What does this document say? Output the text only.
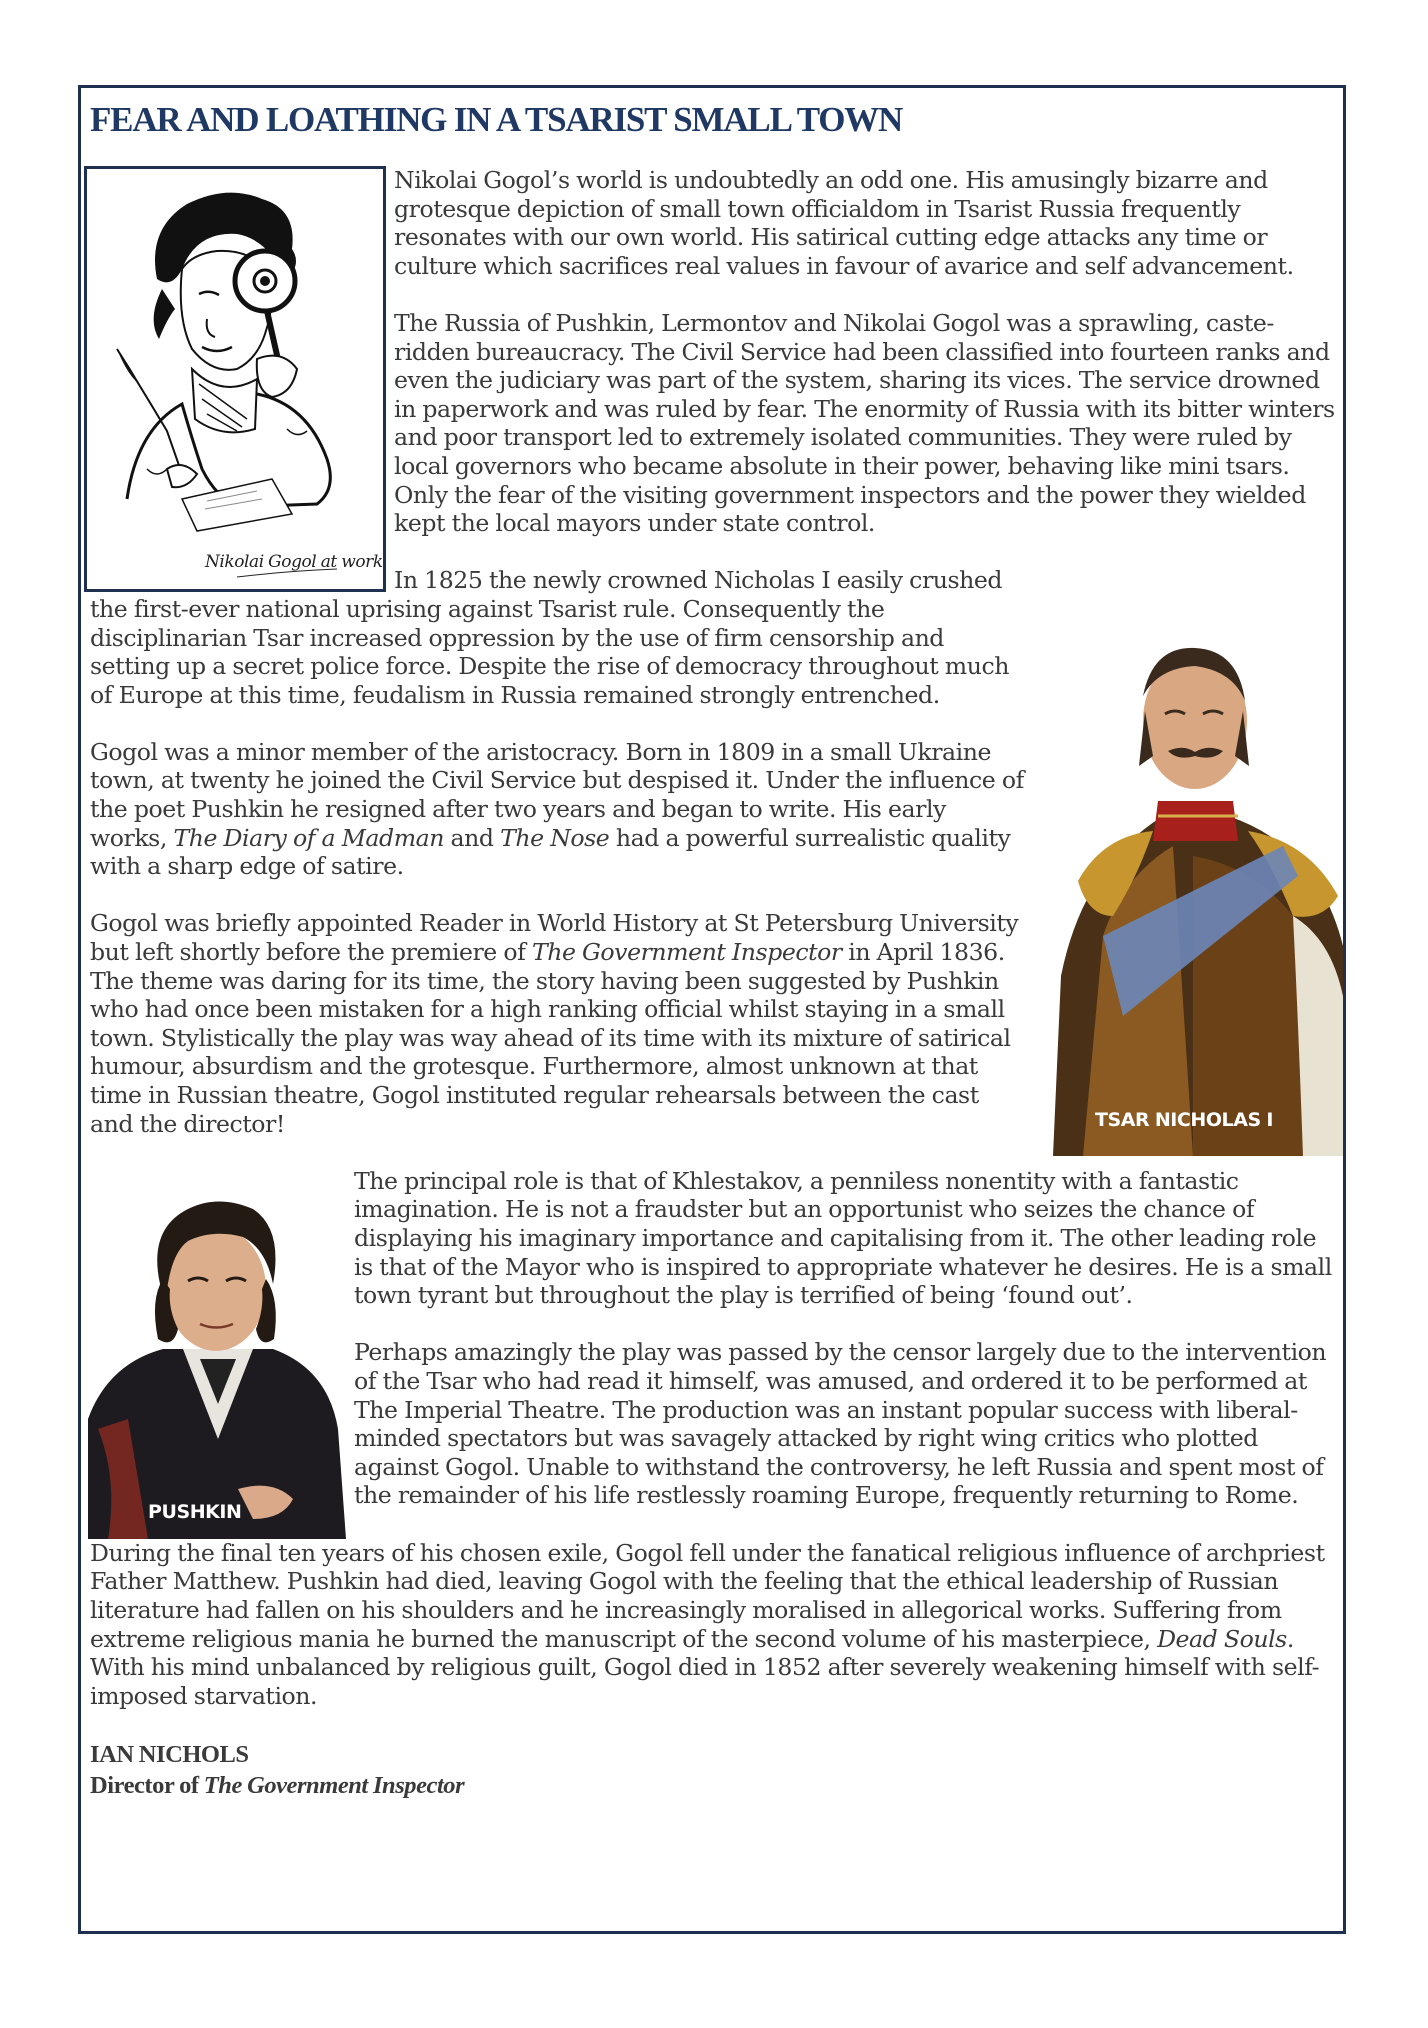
FEAR AND LOATHING IN A TSARIST SMALL TOWN
Nikolai Gogol at work

Nikolai Gogol’s world is undoubtedly an odd one. His amusingly bizarre and grotesque depiction of small town officialdom in Tsarist Russia frequently resonates with our own world. His satirical cutting edge attacks any time or culture which sacrifices real values in favour of avarice and self advancement.

The Russia of Pushkin, Lermontov and Nikolai Gogol was a sprawling, caste-ridden bureaucracy. The Civil Service had been classified into fourteen ranks and even the judiciary was part of the system, sharing its vices. The service drowned in paperwork and was ruled by fear. The enormity of Russia with its bitter winters and poor transport led to extremely isolated communities. They were ruled by local governors who became absolute in their power, behaving like mini tsars. Only the fear of the visiting government inspectors and the power they wielded kept the local mayors under state control.

TSAR NICHOLAS I

In 1825 the newly crowned Nicholas I easily crushed the first-ever national uprising against Tsarist rule. Consequently the disciplinarian Tsar increased oppression by the use of firm censorship and setting up a secret police force. Despite the rise of democracy throughout much of Europe at this time, feudalism in Russia remained strongly entrenched.

Gogol was a minor member of the aristocracy. Born in 1809 in a small Ukraine town, at twenty he joined the Civil Service but despised it. Under the influence of the poet Pushkin he resigned after two years and began to write. His early works, The Diary of a Madman and The Nose had a powerful surrealistic quality with a sharp edge of satire.

Gogol was briefly appointed Reader in World History at St Petersburg University but left shortly before the premiere of The Government Inspector in April 1836. The theme was daring for its time, the story having been suggested by Pushkin who had once been mistaken for a high ranking official whilst staying in a small town. Stylistically the play was way ahead of its time with its mixture of satirical humour, absurdism and the grotesque. Furthermore, almost unknown at that time in Russian theatre, Gogol instituted regular rehearsals between the cast and the director!

PUSHKIN

The principal role is that of Khlestakov, a penniless nonentity with a fantastic imagination. He is not a fraudster but an opportunist who seizes the chance of displaying his imaginary importance and capitalising from it. The other leading role is that of the Mayor who is inspired to appropriate whatever he desires. He is a small town tyrant but throughout the play is terrified of being ‘found out’.

Perhaps amazingly the play was passed by the censor largely due to the intervention of the Tsar who had read it himself, was amused, and ordered it to be performed at The Imperial Theatre. The production was an instant popular success with liberal-minded spectators but was savagely attacked by right wing critics who plotted against Gogol. Unable to withstand the controversy, he left Russia and spent most of the remainder of his life restlessly roaming Europe, frequently returning to Rome.

During the final ten years of his chosen exile, Gogol fell under the fanatical religious influence of archpriest Father Matthew. Pushkin had died, leaving Gogol with the feeling that the ethical leadership of Russian literature had fallen on his shoulders and he increasingly moralised in allegorical works. Suffering from extreme religious mania he burned the manuscript of the second volume of his masterpiece, Dead Souls. With his mind unbalanced by religious guilt, Gogol died in 1852 after severely weakening himself with self-imposed starvation.

IAN NICHOLS
Director of The Government Inspector
